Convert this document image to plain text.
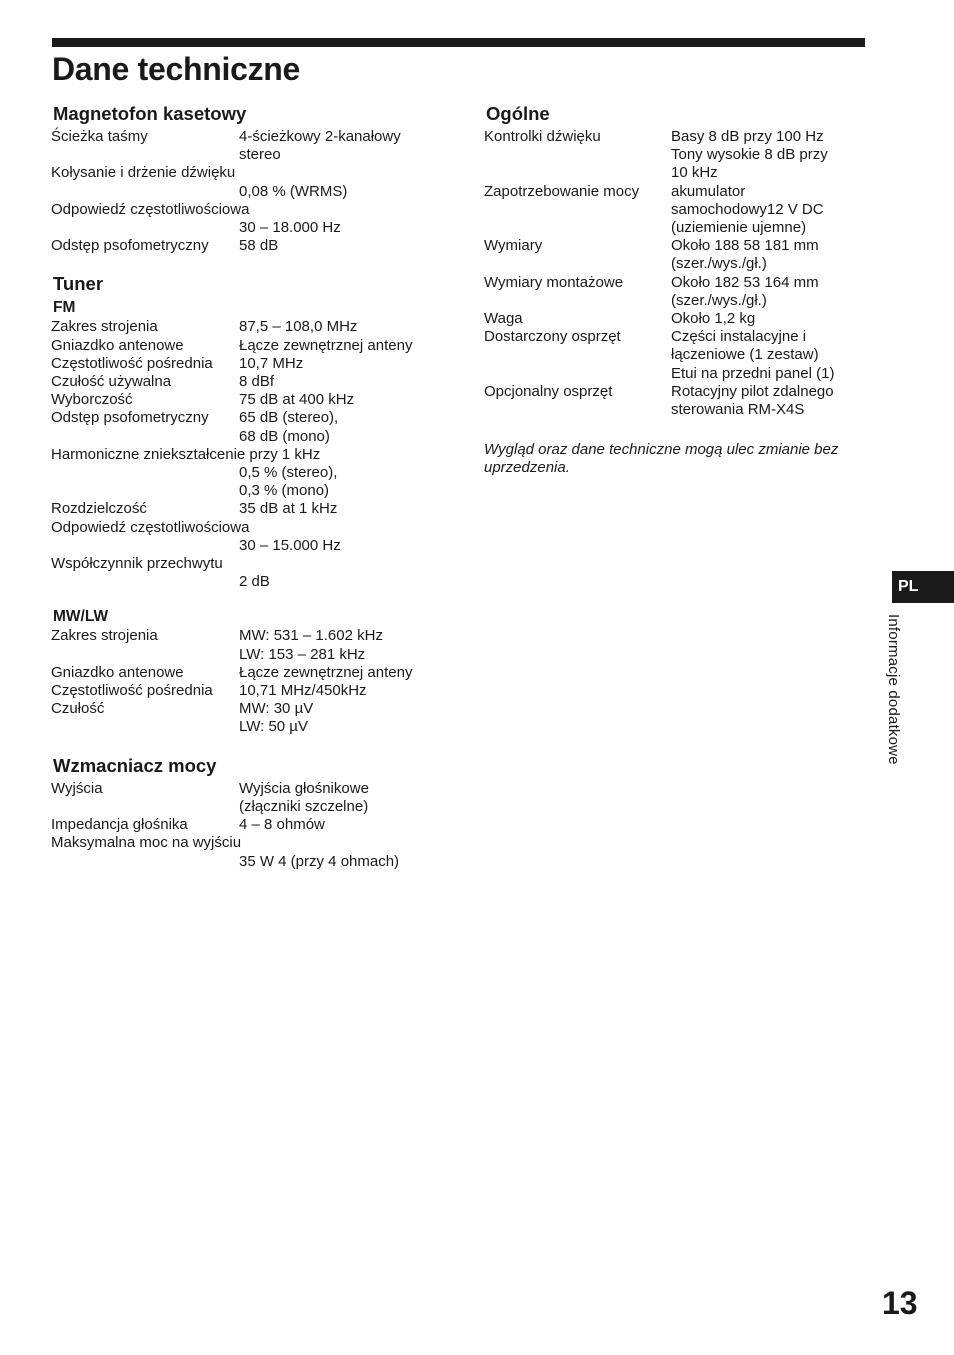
Dane techniczne
Magnetofon kasetowy
Ścieżka taśmy	4-ścieżkowy 2-kanałowy
stereo
Kołysanie i drżenie dźwięku
0,08 % (WRMS)
Odpowiedź częstotliwościowa
30 – 18.000 Hz
Odstęp psofometryczny	58 dB
Tuner
FM
Zakres strojenia	87,5 – 108,0 MHz
Gniazdko antenowe	Łącze zewnętrznej anteny
Częstotliwość pośrednia	10,7 MHz
Czułość używalna	8 dBf
Wyborczość	75 dB at 400 kHz
Odstęp psofometryczny	65 dB (stereo),
68 dB (mono)
Harmoniczne zniekształcenie przy 1 kHz
0,5 % (stereo),
0,3 % (mono)
Rozdzielczość	35 dB at 1 kHz
Odpowiedź częstotliwościowa
30 – 15.000 Hz
Współczynnik przechwytu
2 dB
MW/LW
Zakres strojenia	MW: 531 – 1.602 kHz
LW: 153 – 281 kHz
Gniazdko antenowe	Łącze zewnętrznej anteny
Częstotliwość pośrednia	10,71 MHz/450kHz
Czułość	MW: 30 µV
LW: 50 µV
Wzmacniacz mocy
Wyjścia	Wyjścia głośnikowe
(złączniki szczelne)
Impedancja głośnika	4 – 8 ohmów
Maksymalna moc na wyjściu
35 W 4 (przy 4 ohmach)
Ogólne
Kontrolki dźwięku	Basy 8 dB przy 100 Hz
Tony wysokie 8 dB przy
10 kHz
Zapotrzebowanie mocy	akumulator
samochodowy12 V DC
(uziemienie ujemne)
Wymiary	Około 188 58 181 mm
(szer./wys./gł.)
Wymiary montażowe	Około 182 53 164 mm
(szer./wys./gł.)
Waga	Około 1,2 kg
Dostarczony osprzęt	Części instalacyjne i
łączeniowe (1 zestaw)
Etui na przedni panel (1)
Opcjonalny osprzęt	Rotacyjny pilot zdalnego
sterowania RM-X4S
Wygląd oraz dane techniczne mogą ulec zmianie bez uprzedzenia.
PL
Informacje dodatkowe
13
